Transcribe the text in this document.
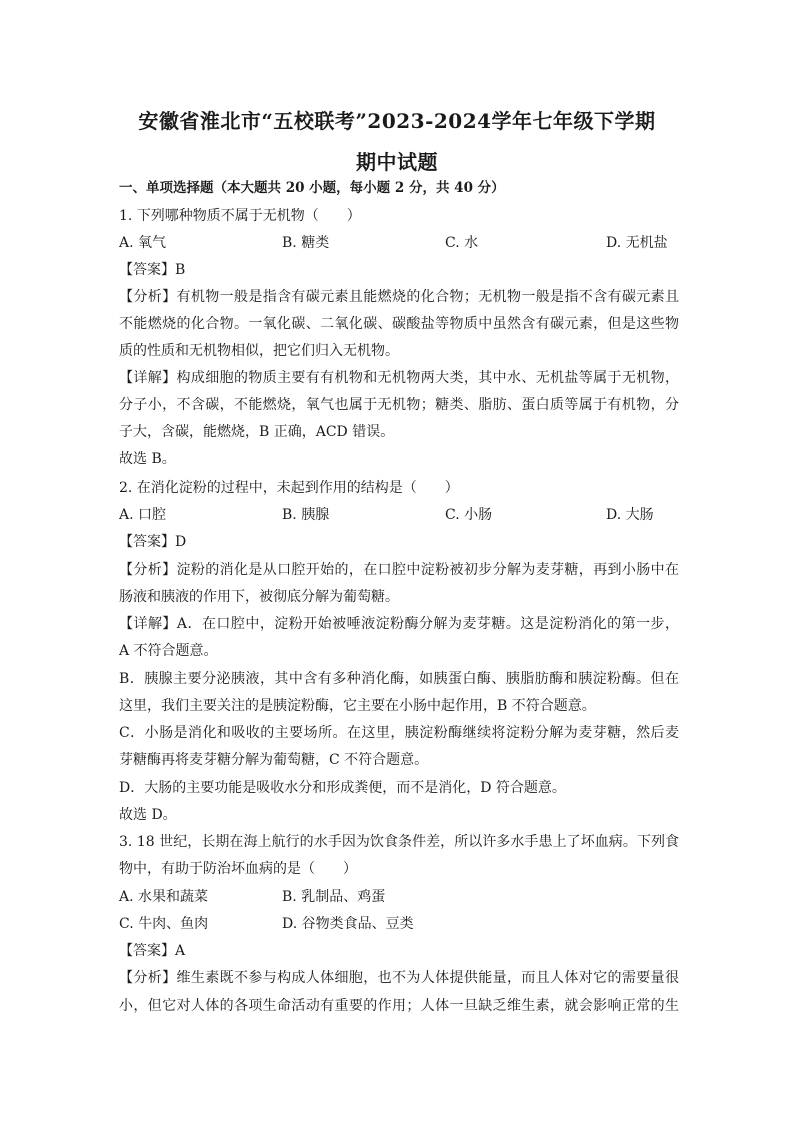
安徽省淮北市“五校联考”2023-2024学年七年级下学期
期中试题
一、单项选择题（本大题共 20 小题，每小题 2 分，共 40 分）
1. 下列哪种物质不属于无机物（　　）
A. 氧气	B. 糖类	C. 水	D. 无机盐
【答案】B
【分析】有机物一般是指含有碳元素且能燃烧的化合物；无机物一般是指不含有碳元素且
不能燃烧的化合物。一氧化碳、二氧化碳、碳酸盐等物质中虽然含有碳元素，但是这些物
质的性质和无机物相似，把它们归入无机物。
【详解】构成细胞的物质主要有有机物和无机物两大类，其中水、无机盐等属于无机物，
分子小，不含碳，不能燃烧，氧气也属于无机物；糖类、脂肪、蛋白质等属于有机物，分
子大，含碳，能燃烧，B 正确，ACD 错误。
故选 B。
2. 在消化淀粉的过程中，未起到作用的结构是（　　）
A. 口腔	B. 胰腺	C. 小肠	D. 大肠
【答案】D
【分析】淀粉的消化是从口腔开始的，在口腔中淀粉被初步分解为麦芽糖，再到小肠中在
肠液和胰液的作用下，被彻底分解为葡萄糖。
【详解】A．在口腔中，淀粉开始被唾液淀粉酶分解为麦芽糖。这是淀粉消化的第一步，
A 不符合题意。
B．胰腺主要分泌胰液，其中含有多种消化酶，如胰蛋白酶、胰脂肪酶和胰淀粉酶。但在
这里，我们主要关注的是胰淀粉酶，它主要在小肠中起作用，B 不符合题意。
C．小肠是消化和吸收的主要场所。在这里，胰淀粉酶继续将淀粉分解为麦芽糖，然后麦
芽糖酶再将麦芽糖分解为葡萄糖，C 不符合题意。
D．大肠的主要功能是吸收水分和形成粪便，而不是消化，D 符合题意。
故选 D。
3. 18 世纪，长期在海上航行的水手因为饮食条件差，所以许多水手患上了坏血病。下列食
物中，有助于防治坏血病的是（　　）
A. 水果和蔬菜	B. 乳制品、鸡蛋
C. 牛肉、鱼肉	D. 谷物类食品、豆类
【答案】A
【分析】维生素既不参与构成人体细胞，也不为人体提供能量，而且人体对它的需要量很
小，但它对人体的各项生命活动有重要的作用；人体一旦缺乏维生素，就会影响正常的生
